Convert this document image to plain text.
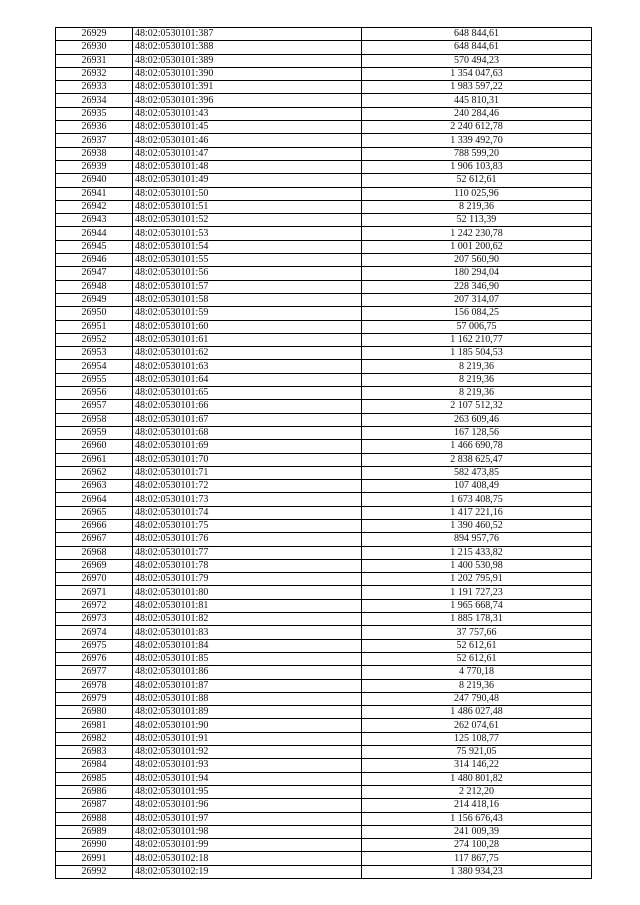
26929	48:02:0530101:387	648 844,61
26930	48:02:0530101:388	648 844,61
26931	48:02:0530101:389	570 494,23
26932	48:02:0530101:390	1 354 047,63
26933	48:02:0530101:391	1 983 597,22
26934	48:02:0530101:396	445 810,31
26935	48:02:0530101:43	240 284,46
26936	48:02:0530101:45	2 240 612,78
26937	48:02:0530101:46	1 339 492,70
26938	48:02:0530101:47	788 599,20
26939	48:02:0530101:48	1 906 103,83
26940	48:02:0530101:49	52 612,61
26941	48:02:0530101:50	110 025,96
26942	48:02:0530101:51	8 219,36
26943	48:02:0530101:52	52 113,39
26944	48:02:0530101:53	1 242 230,78
26945	48:02:0530101:54	1 001 200,62
26946	48:02:0530101:55	207 560,90
26947	48:02:0530101:56	180 294,04
26948	48:02:0530101:57	228 346,90
26949	48:02:0530101:58	207 314,07
26950	48:02:0530101:59	156 084,25
26951	48:02:0530101:60	57 006,75
26952	48:02:0530101:61	1 162 210,77
26953	48:02:0530101:62	1 185 504,53
26954	48:02:0530101:63	8 219,36
26955	48:02:0530101:64	8 219,36
26956	48:02:0530101:65	8 219,36
26957	48:02:0530101:66	2 107 512,32
26958	48:02:0530101:67	263 609,46
26959	48:02:0530101:68	167 128,56
26960	48:02:0530101:69	1 466 690,78
26961	48:02:0530101:70	2 838 625,47
26962	48:02:0530101:71	582 473,85
26963	48:02:0530101:72	107 408,49
26964	48:02:0530101:73	1 673 408,75
26965	48:02:0530101:74	1 417 221,16
26966	48:02:0530101:75	1 390 460,52
26967	48:02:0530101:76	894 957,76
26968	48:02:0530101:77	1 215 433,82
26969	48:02:0530101:78	1 400 530,98
26970	48:02:0530101:79	1 202 795,91
26971	48:02:0530101:80	1 191 727,23
26972	48:02:0530101:81	1 965 668,74
26973	48:02:0530101:82	1 885 178,31
26974	48:02:0530101:83	37 757,66
26975	48:02:0530101:84	52 612,61
26976	48:02:0530101:85	52 612,61
26977	48:02:0530101:86	4 770,18
26978	48:02:0530101:87	8 219,36
26979	48:02:0530101:88	247 790,48
26980	48:02:0530101:89	1 486 027,48
26981	48:02:0530101:90	262 074,61
26982	48:02:0530101:91	125 108,77
26983	48:02:0530101:92	75 921,05
26984	48:02:0530101:93	314 146,22
26985	48:02:0530101:94	1 480 801,82
26986	48:02:0530101:95	2 212,20
26987	48:02:0530101:96	214 418,16
26988	48:02:0530101:97	1 156 676,43
26989	48:02:0530101:98	241 009,39
26990	48:02:0530101:99	274 100,28
26991	48:02:0530102:18	117 867,75
26992	48:02:0530102:19	1 380 934,23
